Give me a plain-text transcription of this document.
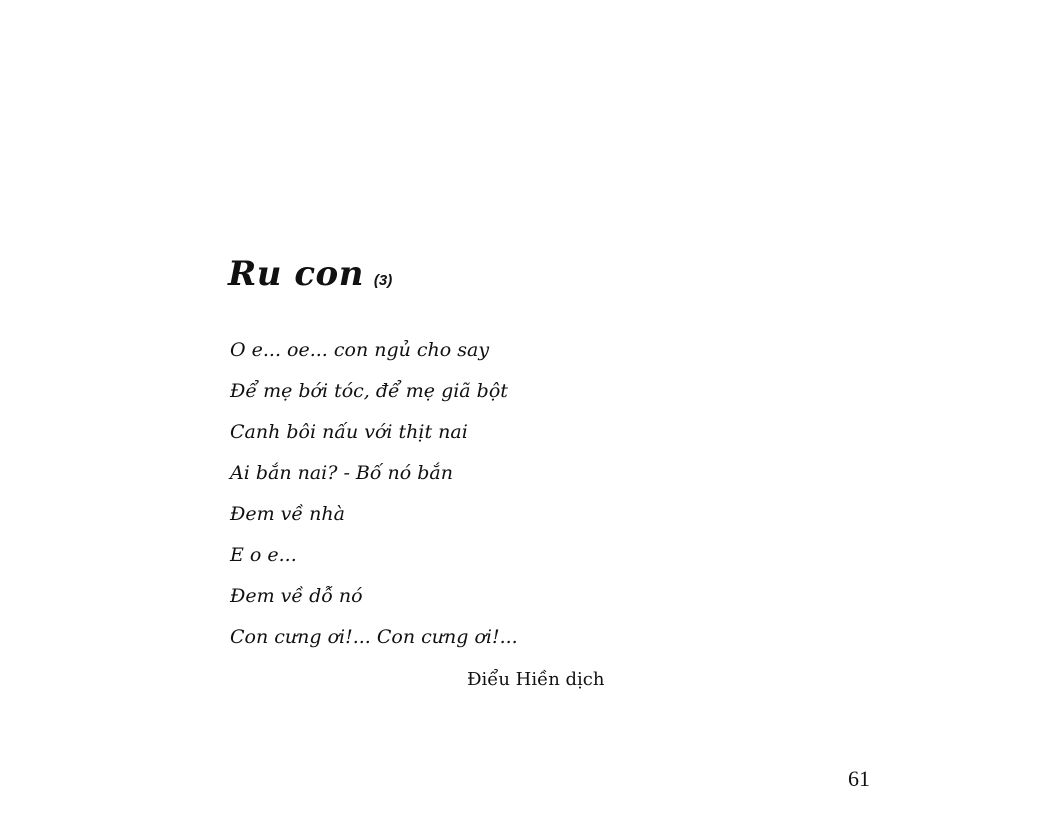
Ru con (3)
O e... oe... con ngủ cho say
Để mẹ bới tóc, để mẹ giã bột
Canh bôi nấu với thịt nai
Ai bắn nai? - Bố nó bắn
Đem về nhà
E o e...
Đem về dỗ nó
Con cưng ơi!... Con cưng ơi!...
Điểu Hiền dịch
61
